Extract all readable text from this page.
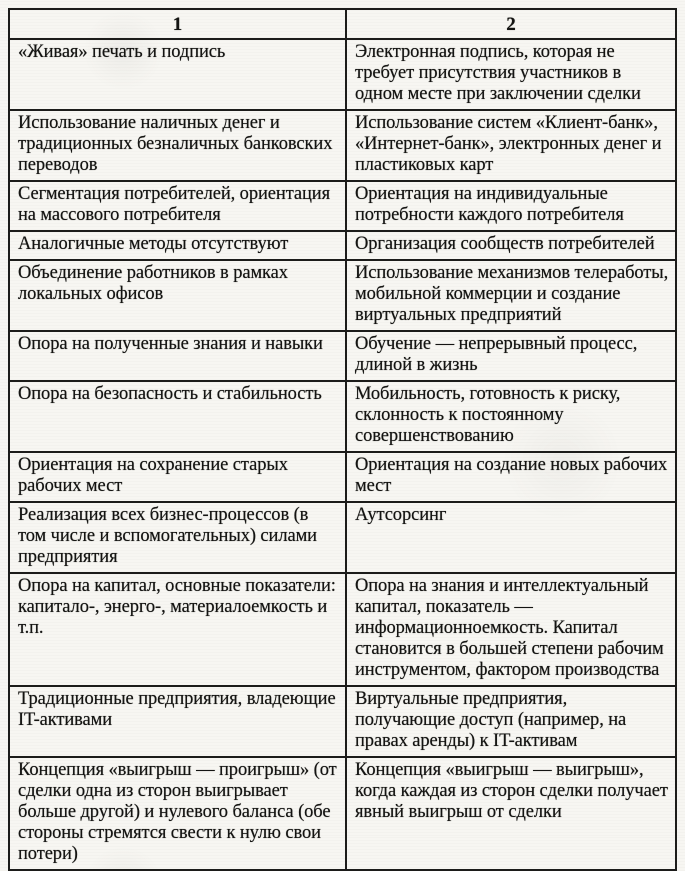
1	2
«Живая» печать и подпись	Электронная подпись, которая не требует присутствия участников в одном месте при заключении сделки
Использование наличных денег и традиционных безналичных банковских переводов	Использование систем «Клиент-банк», «Интернет-банк», электронных денег и пластиковых карт
Сегментация потребителей, ориентация на массового потребителя	Ориентация на индивидуальные потребности каждого потребителя
Аналогичные методы отсутствуют	Организация сообществ потребителей
Объединение работников в рамках локальных офисов	Использование механизмов телеработы, мобильной коммерции и создание виртуальных предприятий
Опора на полученные знания и навыки	Обучение — непрерывный процесс, длиной в жизнь
Опора на безопасность и стабильность	Мобильность, готовность к риску, склонность к постоянному совершенствованию
Ориентация на сохранение старых рабочих мест	Ориентация на создание новых рабочих мест
Реализация всех бизнес-процессов (в том числе и вспомогательных) силами предприятия	Аутсорсинг
Опора на капитал, основные показатели: капитало-, энерго-, материалоемкость и т.п.	Опора на знания и интеллектуальный капитал, показатель — информационноемкость. Капитал становится в большей степени рабочим инструментом, фактором производства
Традиционные предприятия, владеющие IT-активами	Виртуальные предприятия, получающие доступ (например, на правах аренды) к IT-активам
Концепция «выигрыш — проигрыш» (от сделки одна из сторон выигрывает больше другой) и нулевого баланса (обе стороны стремятся свести к нулю свои потери)	Концепция «выигрыш — выигрыш», когда каждая из сторон сделки получает явный выигрыш от сделки
